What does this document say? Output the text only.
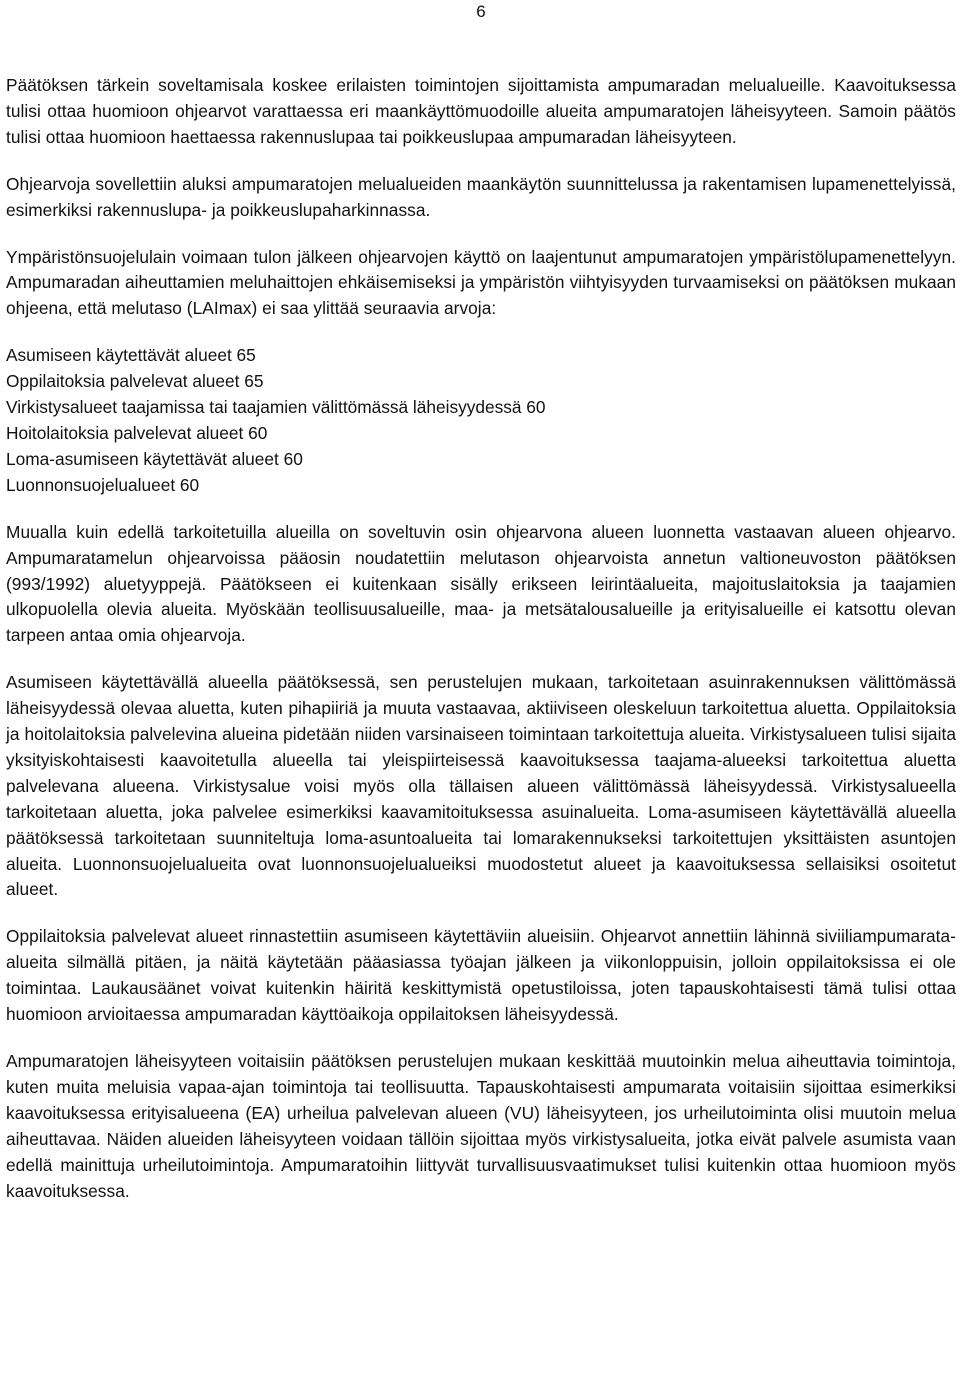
6

Päätöksen tärkein soveltamisala koskee erilaisten toimintojen sijoittamista ampumaradan melualueille. Kaavoituksessa tulisi ottaa huomioon ohjearvot varattaessa eri maankäyttömuodoille alueita ampumaratojen läheisyyteen. Samoin päätös tulisi ottaa huomioon haettaessa rakennuslupaa tai poikkeuslupaa ampumaradan läheisyyteen.

Ohjearvoja sovellettiin aluksi ampumaratojen melualueiden maankäytön suunnittelussa ja rakentamisen lupamenettelyissä, esimerkiksi rakennuslupa- ja poikkeuslupaharkinnassa.

Ympäristönsuojelulain voimaan tulon jälkeen ohjearvojen käyttö on laajentunut ampumaratojen ympäristölupamenettelyyn. Ampumaradan aiheuttamien meluhaittojen ehkäisemiseksi ja ympäristön viihtyisyyden turvaamiseksi on päätöksen mukaan ohjeena, että melutaso (LAImax) ei saa ylittää seuraavia arvoja:

Asumiseen käytettävät alueet 65
Oppilaitoksia palvelevat alueet 65
Virkistysalueet taajamissa tai taajamien välittömässä läheisyydessä 60
Hoitolaitoksia palvelevat alueet 60
Loma-asumiseen käytettävät alueet 60
Luonnonsuojelualueet 60

Muualla kuin edellä tarkoitetuilla alueilla on soveltuvin osin ohjearvona alueen luonnetta vastaavan alueen ohjearvo. Ampumaratamelun ohjearvoissa pääosin noudatettiin melutason ohjearvoista annetun valtioneuvoston päätöksen (993/1992) aluetyyppejä. Päätökseen ei kuitenkaan sisälly erikseen leirintäalueita, majoituslaitoksia ja taajamien ulkopuolella olevia alueita. Myöskään teollisuusalueille, maa- ja metsätalousalueille ja erityisalueille ei katsottu olevan tarpeen antaa omia ohjearvoja.

Asumiseen käytettävällä alueella päätöksessä, sen perustelujen mukaan, tarkoitetaan asuinrakennuksen välittömässä läheisyydessä olevaa aluetta, kuten pihapiiriä ja muuta vastaavaa, aktiiviseen oleskeluun tarkoitettua aluetta. Oppilaitoksia ja hoitolaitoksia palvelevina alueina pidetään niiden varsinaiseen toimintaan tarkoitettuja alueita. Virkistysalueen tulisi sijaita yksityiskohtaisesti kaavoitetulla alueella tai yleispiirteisessä kaavoituksessa taajama-alueeksi tarkoitettua aluetta palvelevana alueena. Virkistysalue voisi myös olla tällaisen alueen välittömässä läheisyydessä. Virkistysalueella tarkoitetaan aluetta, joka palvelee esimerkiksi kaavamitoituksessa asuinalueita. Loma-asumiseen käytettävällä alueella päätöksessä tarkoitetaan suunniteltuja loma-asuntoalueita tai lomarakennukseksi tarkoitettujen yksittäisten asuntojen alueita. Luonnonsuojelualueita ovat luonnonsuojelualueiksi muodostetut alueet ja kaavoituksessa sellaisiksi osoitetut alueet.

Oppilaitoksia palvelevat alueet rinnastettiin asumiseen käytettäviin alueisiin. Ohjearvot annettiin lähinnä siviiliampumarata-alueita silmällä pitäen, ja näitä käytetään pääasiassa työajan jälkeen ja viikonloppuisin, jolloin oppilaitoksissa ei ole toimintaa. Laukausäänet voivat kuitenkin häiritä keskittymistä opetustiloissa, joten tapauskohtaisesti tämä tulisi ottaa huomioon arvioitaessa ampumaradan käyttöaikoja oppilaitoksen läheisyydessä.

Ampumaratojen läheisyyteen voitaisiin päätöksen perustelujen mukaan keskittää muutoinkin melua aiheuttavia toimintoja, kuten muita meluisia vapaa-ajan toimintoja tai teollisuutta. Tapauskohtaisesti ampumarata voitaisiin sijoittaa esimerkiksi kaavoituksessa erityisalueena (EA) urheilua palvelevan alueen (VU) läheisyyteen, jos urheilutoiminta olisi muutoin melua aiheuttavaa. Näiden alueiden läheisyyteen voidaan tällöin sijoittaa myös virkistysalueita, jotka eivät palvele asumista vaan edellä mainittuja urheilutoimintoja. Ampumaratoihin liittyvät turvallisuusvaatimukset tulisi kuitenkin ottaa huomioon myös kaavoituksessa.
